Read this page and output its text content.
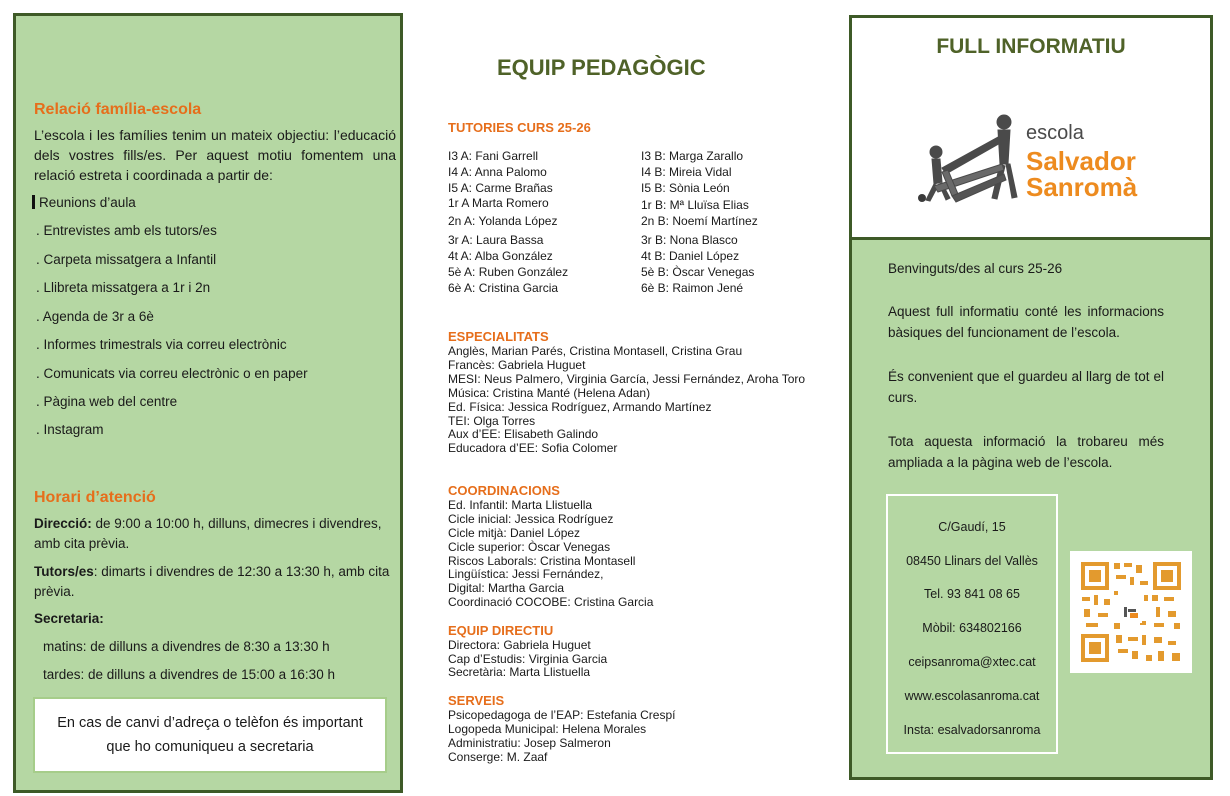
Relació família-escola
L’escola i les famílies tenim un mateix objectiu: l’educació dels vostres fills/es. Per aquest motiu fomentem una relació estreta i coordinada a partir de:
Reunions d’aula
. Entrevistes amb els tutors/es
. Carpeta missatgera a Infantil
. Llibreta missatgera a 1r i 2n
. Agenda de 3r a 6è
. Informes trimestrals via correu electrònic
. Comunicats via correu electrònic o en paper
. Pàgina web del centre
. Instagram
Horari d’atenció
Direcció: de 9:00 a 10:00 h, dilluns, dimecres i divendres, amb cita prèvia.
Tutors/es: dimarts i divendres de 12:30 a 13:30 h, amb cita prèvia.
Secretaria:
matins: de dilluns a divendres de 8:30 a 13:30 h
tardes: de dilluns a divendres de 15:00 a 16:30 h
En cas de canvi d’adreça o telèfon és important que ho comuniqueu a secretaria
EQUIP PEDAGÒGIC
TUTORIES CURS 25-26
I3 A: Fani Garrell
I4 A: Anna Palomo
I5 A: Carme Brañas
1r A Marta Romero
2n A: Yolanda López
3r A: Laura Bassa
4t A: Alba González
5è A: Ruben González
6è A: Cristina Garcia
I3 B: Marga Zarallo
I4 B: Mireia Vidal
I5 B: Sònia León
1r B: Mª Lluïsa Elias
2n B: Noemí Martínez
3r B: Nona Blasco
4t B: Daniel López
5è B: Òscar Venegas
6è B: Raimon Jené
ESPECIALITATS
Anglès, Marian Parés, Cristina Montasell, Cristina Grau
Francès: Gabriela Huguet
MESI: Neus Palmero, Virginia García, Jessi Fernández, Aroha Toro
Música: Cristina Manté (Helena Adan)
Ed. Física: Jessica Rodríguez, Armando Martínez
TEI: Olga Torres
Aux d’EE: Elisabeth Galindo
Educadora d’EE: Sofia Colomer
COORDINACIONS
Ed. Infantil: Marta Llistuella
Cicle inicial: Jessica Rodríguez
Cicle mitjà: Daniel López
Cicle superior: Òscar Venegas
Riscos Laborals: Cristina Montasell
Lingüística: Jessi Fernández,
Digital: Martha Garcia
Coordinació COCOBE: Cristina Garcia
EQUIP DIRECTIU
Directora: Gabriela Huguet
Cap d’Estudis: Virginia Garcia
Secretària: Marta Llistuella
SERVEIS
Psicopedagoga de l’EAP: Estefania Crespí
Logopeda Municipal: Helena Morales
Administratiu: Josep Salmeron
Conserge: M. Zaaf
FULL INFORMATIU
escola
Salvador
Sanromà
Benvinguts/des al curs 25-26
Aquest full informatiu conté les informacions bàsiques del funcionament de l’escola.
És convenient que el guardeu al llarg de tot el curs.
Tota aquesta informació la trobareu més ampliada a la pàgina web de l’escola.
C/Gaudí, 15
08450 Llinars del Vallès
Tel. 93 841 08 65
Mòbil: 634802166
ceipsanroma@xtec.cat
www.escolasanroma.cat
Insta: esalvadorsanroma
